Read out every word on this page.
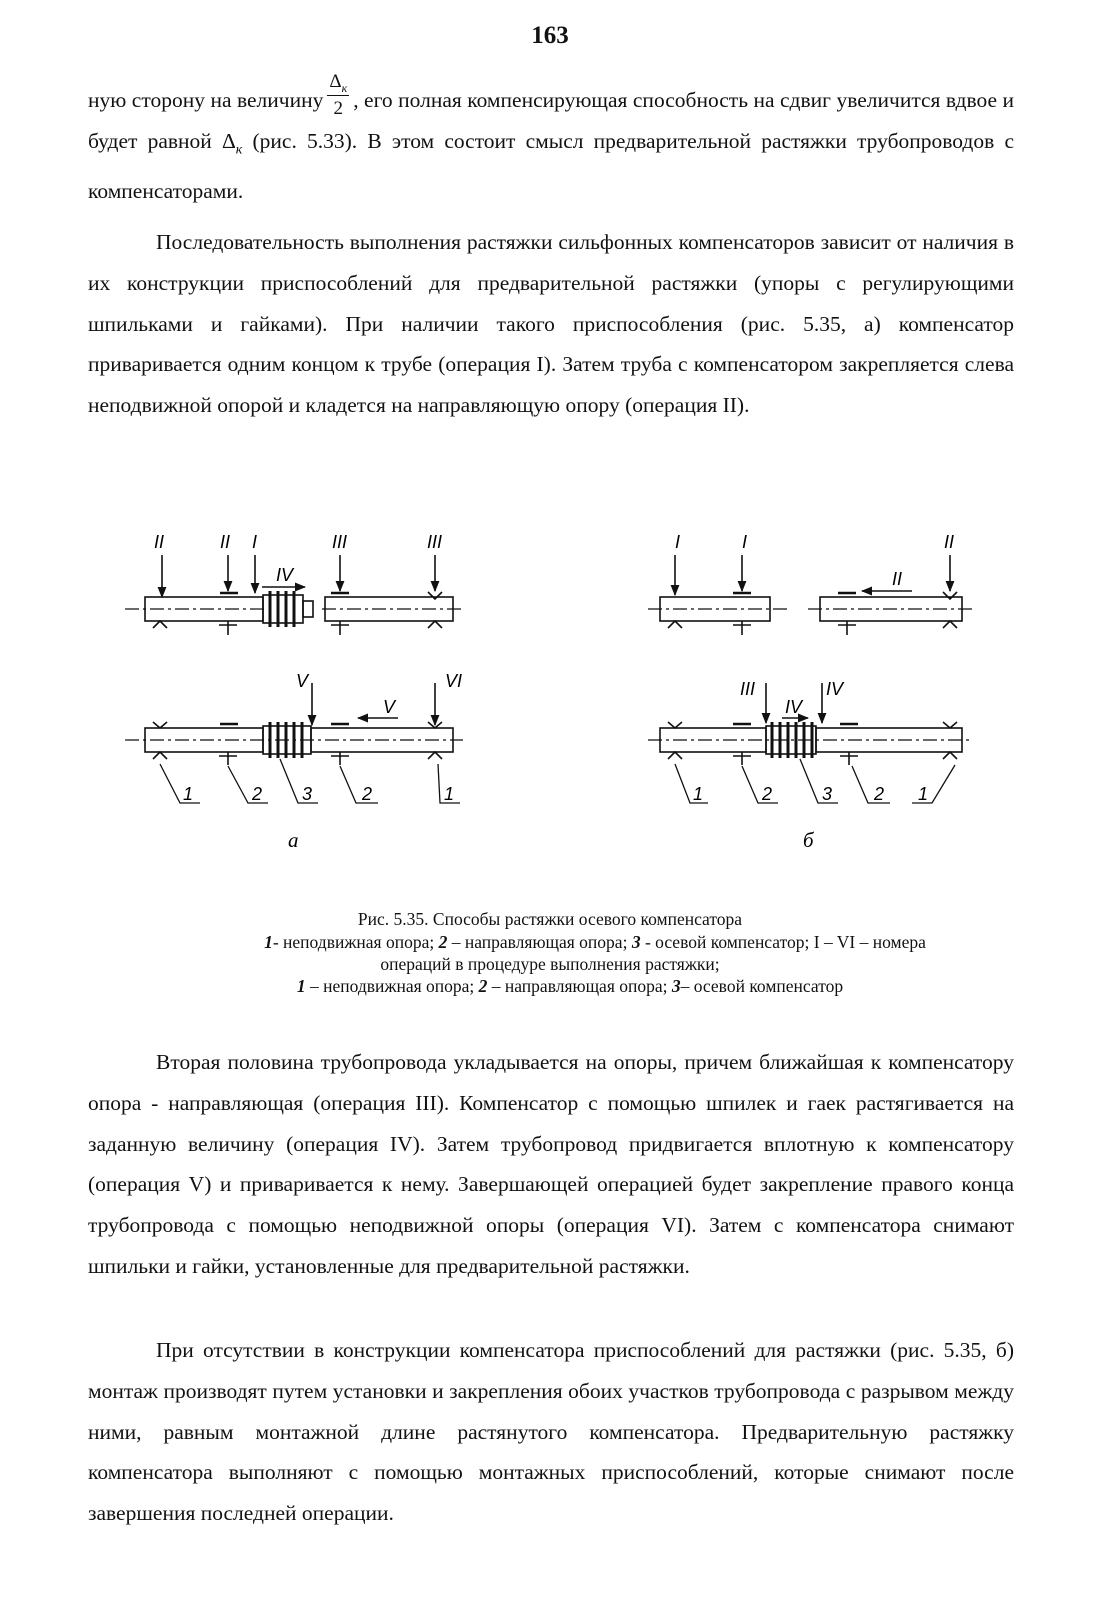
163

ную сторону на величину $\frac{\Delta_к}{2}$ , его полная компенсирующая способность на сдвиг увеличится вдвое и будет равной $\Delta_к$ (рис. 5.33). В этом состоит смысл предварительной растяжки трубопроводов с компенсаторами.

Последовательность выполнения растяжки сильфонных компенсаторов зависит от наличия в их конструкции приспособлений для предварительной растяжки (упоры с регулирующими шпильками и гайками). При наличии такого приспособления (рис. 5.35, а) компенсатор приваривается одним концом к трубе (операция I). Затем труба с компенсатором закрепляется слева неподвижной опорой и кладется на направляющую опору (операция II).

II	II I	III	III
IV
V	VI
V
1	2 3	2	1
а
I	I	II
II
III	IV
IV
1	2	3 2 1
б
Рис. 5.35. Способы растяжки осевого компенсатора
1- неподвижная опора; 2 – направляющая опора; 3 - осевой компенсатор; I – VI – номера
операций в процедуре выполнения растяжки;
1 – неподвижная опора; 2 – направляющая опора; 3– осевой компенсатор

Вторая половина трубопровода укладывается на опоры, причем ближайшая к компенсатору опора - направляющая (операция III). Компенсатор с помощью шпилек и гаек растягивается на заданную величину (операция IV). Затем трубопровод придвигается вплотную к компенсатору (операция V) и приваривается к нему. Завершающей операцией будет закрепление правого конца трубопровода с помощью неподвижной опоры (операция VI). Затем с компенсатора снимают шпильки и гайки, установленные для предварительной растяжки.

При отсутствии в конструкции компенсатора приспособлений для растяжки (рис. 5.35, б) монтаж производят путем установки и закрепления обоих участков трубопровода с разрывом между ними, равным монтажной длине растянутого компенсатора. Предварительную растяжку компенсатора выполняют с помощью монтажных приспособлений, которые снимают после завершения последней операции.
